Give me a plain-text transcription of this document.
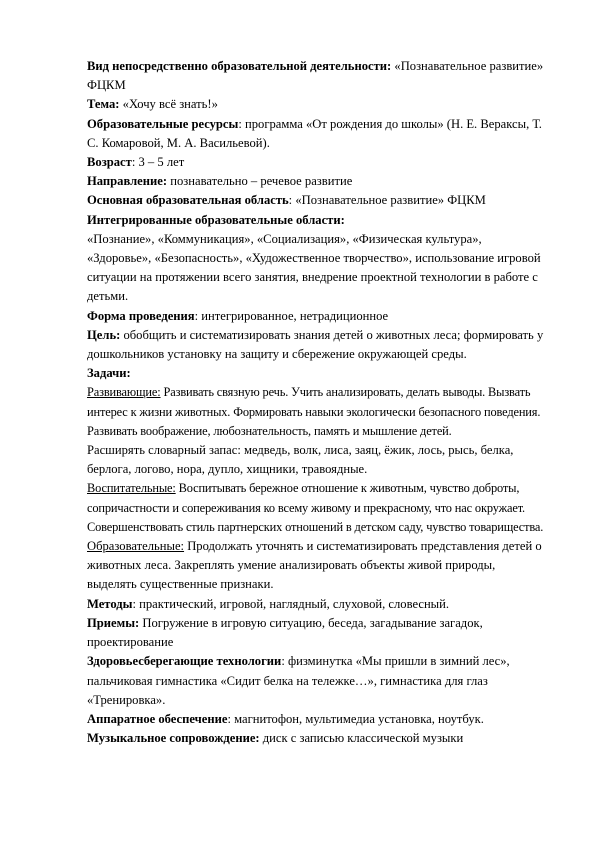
Вид непосредственно образовательной деятельности: «Познавательное развитие» ФЦКМ

Тема: «Хочу всё знать!»

Образовательные ресурсы: программа «От рождения до школы» (Н. Е. Вераксы, Т. С. Комаровой, М. А. Васильевой).

Возраст: 3 – 5 лет

Направление: познавательно – речевое развитие

Основная образовательная область: «Познавательное развитие» ФЦКМ

Интегрированные образовательные области:

«Познание», «Коммуникация», «Социализация», «Физическая культура», «Здоровье», «Безопасность», «Художественное творчество», использование игровой ситуации на протяжении всего занятия, внедрение проектной технологии в работе с детьми.

Форма проведения: интегрированное, нетрадиционное

Цель: обобщить и систематизировать знания детей о животных леса; формировать у дошкольников установку на защиту и сбережение окружающей среды.

Задачи:

Развивающие: Развивать связную речь. Учить анализировать, делать выводы. Вызвать интерес к жизни животных. Формировать навыки экологически безопасного поведения. Развивать воображение, любознательность, память и мышление детей.

Расширять словарный запас: медведь, волк, лиса, заяц, ёжик, лось, рысь, белка, берлога, логово, нора, дупло, хищники, травоядные.

Воспитательные: Воспитывать бережное отношение к животным, чувство доброты, сопричастности и сопереживания ко всему живому и прекрасному, что нас окружает. Совершенствовать стиль партнерских отношений в детском саду, чувство товарищества.

Образовательные: Продолжать уточнять и систематизировать представления детей о животных леса. Закреплять умение анализировать объекты живой природы, выделять существенные признаки.

Методы: практический, игровой, наглядный, слуховой, словесный.

Приемы: Погружение в игровую ситуацию, беседа, загадывание загадок, проектирование

Здоровьесберегающие технологии: физминутка «Мы пришли в зимний лес», пальчиковая гимнастика «Сидит белка на тележке…», гимнастика для глаз «Тренировка».

Аппаратное обеспечение: магнитофон, мультимедиа установка, ноутбук.

Музыкальное сопровождение: диск с записью классической музыки
